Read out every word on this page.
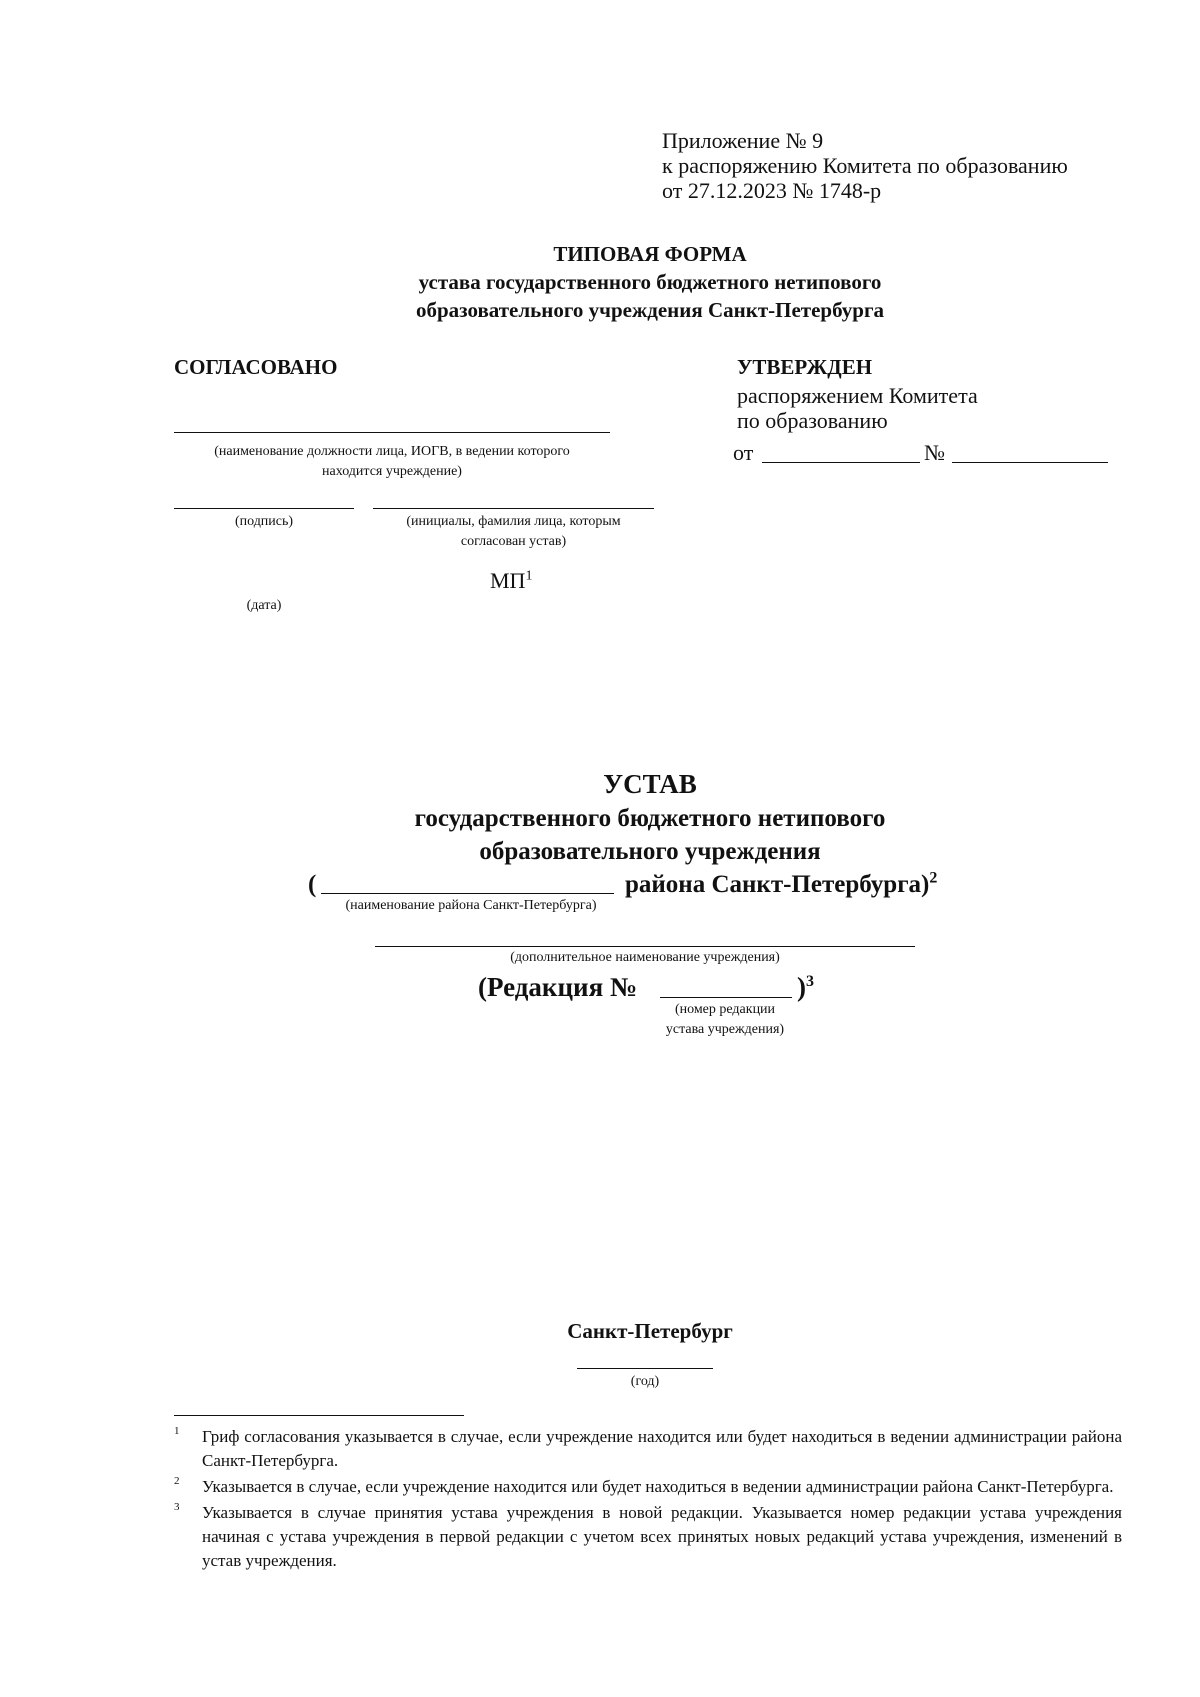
Приложение № 9
к распоряжению Комитета по образованию
от 27.12.2023 № 1748-р
ТИПОВАЯ ФОРМА
устава государственного бюджетного нетипового
образовательного учреждения Санкт-Петербурга
СОГЛАСОВАНО
(наименование должности лица, ИОГВ, в ведении которого
находится учреждение)
(подпись)	(инициалы, фамилия лица, которым
согласован устав)
$МП^1$
(дата)
УТВЕРЖДЕН
распоряжением Комитета
по образованию
от	№
УСТАВ
государственного бюджетного нетипового
образовательного учреждения
(	района Санкт-Петербурга)$^2$
(наименование района Санкт-Петербурга)
(дополнительное наименование учреждения)
(Редакция №	)$^3$
(номер редакции
устава учреждения)
Санкт-Петербург
(год)
1	Гриф согласования указывается в случае, если учреждение находится или будет находиться в ведении администрации района Санкт-Петербурга.
2	Указывается в случае, если учреждение находится или будет находиться в ведении администрации района Санкт-Петербурга.
3	Указывается в случае принятия устава учреждения в новой редакции. Указывается номер редакции устава учреждения начиная с устава учреждения в первой редакции с учетом всех принятых новых редакций устава учреждения, изменений в устав учреждения.
